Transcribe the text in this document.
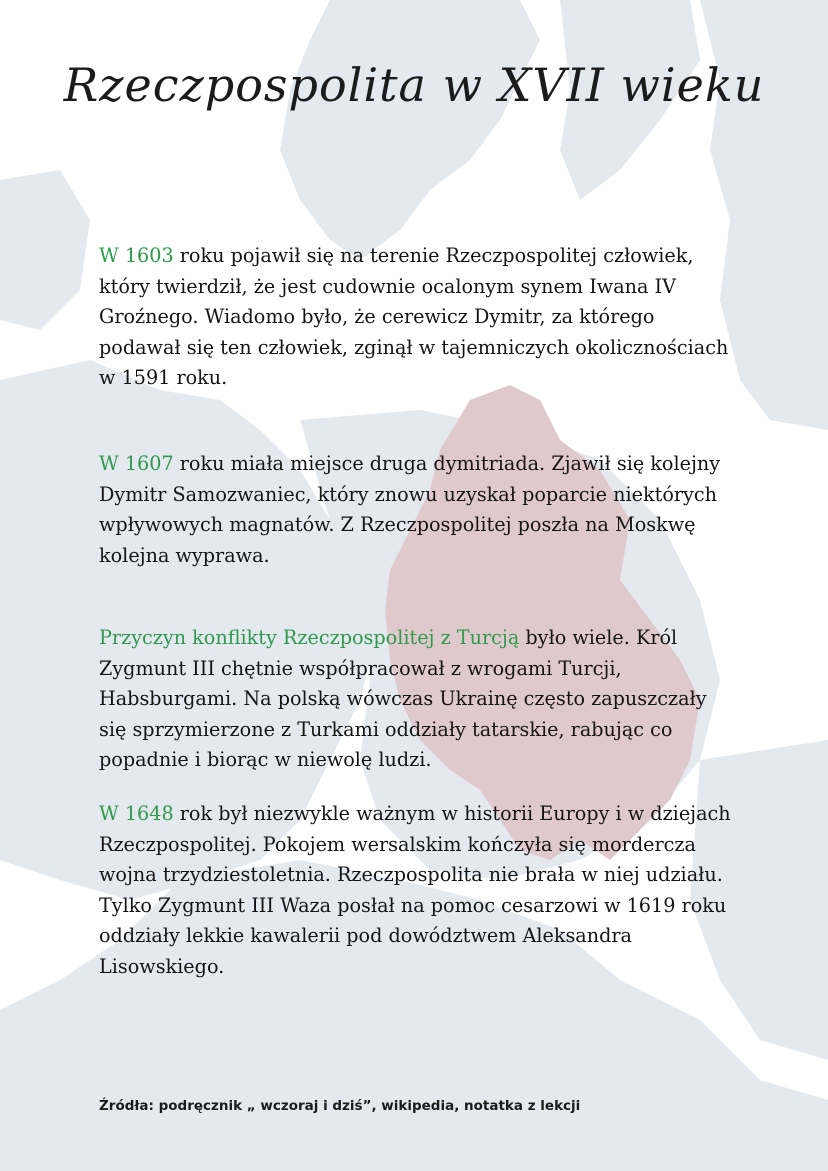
Rzeczpospolita w XVII wieku

W 1603 roku pojawił się na terenie Rzeczpospolitej człowiek, który twierdził, że jest cudownie ocalonym synem Iwana IV Groźnego. Wiadomo było, że cerewicz Dymitr, za którego podawał się ten człowiek, zginął w tajemniczych okolicznościach w 1591 roku.

W 1607 roku miała miejsce druga dymitriada. Zjawił się kolejny Dymitr Samozwaniec, który znowu uzyskał poparcie niektórych wpływowych magnatów. Z Rzeczpospolitej poszła na Moskwę kolejna wyprawa.

Przyczyn konflikty Rzeczpospolitej z Turcją było wiele. Król Zygmunt III chętnie współpracował z wrogami Turcji, Habsburgami. Na polską wówczas Ukrainę często zapuszczały się sprzymierzone z Turkami oddziały tatarskie, rabując co popadnie i biorąc w niewolę ludzi.

W 1648 rok był niezwykle ważnym w historii Europy i w dziejach Rzeczpospolitej. Pokojem wersalskim kończyła się mordercza wojna trzydziestoletnia. Rzeczpospolita nie brała w niej udziału. Tylko Zygmunt III Waza posłał na pomoc cesarzowi w 1619 roku oddziały lekkie kawalerii pod dowództwem Aleksandra Lisowskiego.

Źródła: podręcznik „ wczoraj i dziś”, wikipedia, notatka z lekcji
